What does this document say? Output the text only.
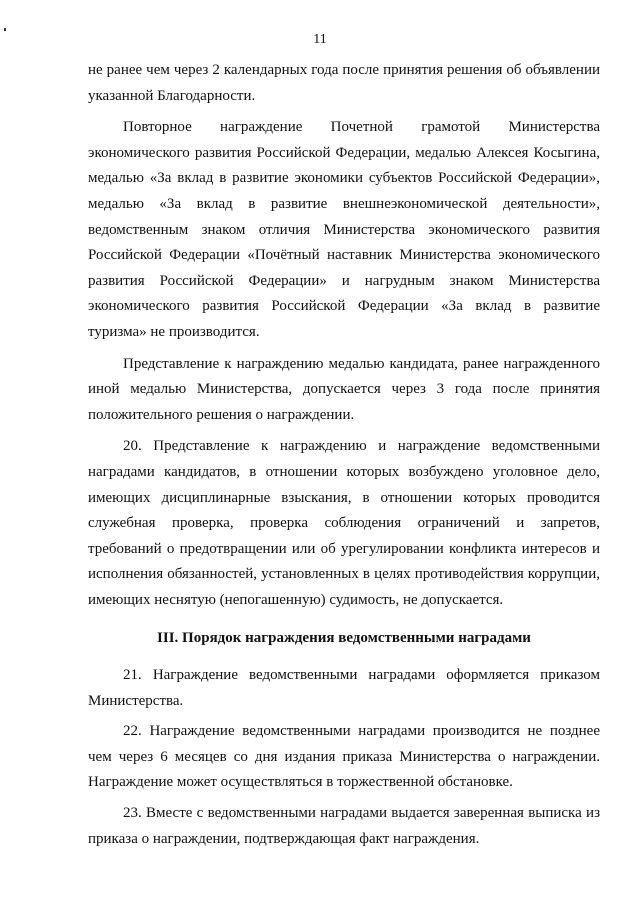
11

не ранее чем через 2 календарных года после принятия решения об объявлении указанной Благодарности.

Повторное награждение Почетной грамотой Министерства экономического развития Российской Федерации, медалью Алексея Косыгина, медалью «За вклад в развитие экономики субъектов Российской Федерации», медалью «За вклад в развитие внешнеэкономической деятельности», ведомственным знаком отличия Министерства экономического развития Российской Федерации «Почётный наставник Министерства экономического развития Российской Федерации» и нагрудным знаком Министерства экономического развития Российской Федерации «За вклад в развитие туризма» не производится.

Представление к награждению медалью кандидата, ранее награжденного иной медалью Министерства, допускается через 3 года после принятия положительного решения о награждении.

20. Представление к награждению и награждение ведомственными наградами кандидатов, в отношении которых возбуждено уголовное дело, имеющих дисциплинарные взыскания, в отношении которых проводится служебная проверка, проверка соблюдения ограничений и запретов, требований о предотвращении или об урегулировании конфликта интересов и исполнения обязанностей, установленных в целях противодействия коррупции, имеющих неснятую (непогашенную) судимость, не допускается.

III. Порядок награждения ведомственными наградами

21. Награждение ведомственными наградами оформляется приказом Министерства.

22. Награждение ведомственными наградами производится не позднее чем через 6 месяцев со дня издания приказа Министерства о награждении. Награждение может осуществляться в торжественной обстановке.

23. Вместе с ведомственными наградами выдается заверенная выписка из приказа о награждении, подтверждающая факт награждения.
